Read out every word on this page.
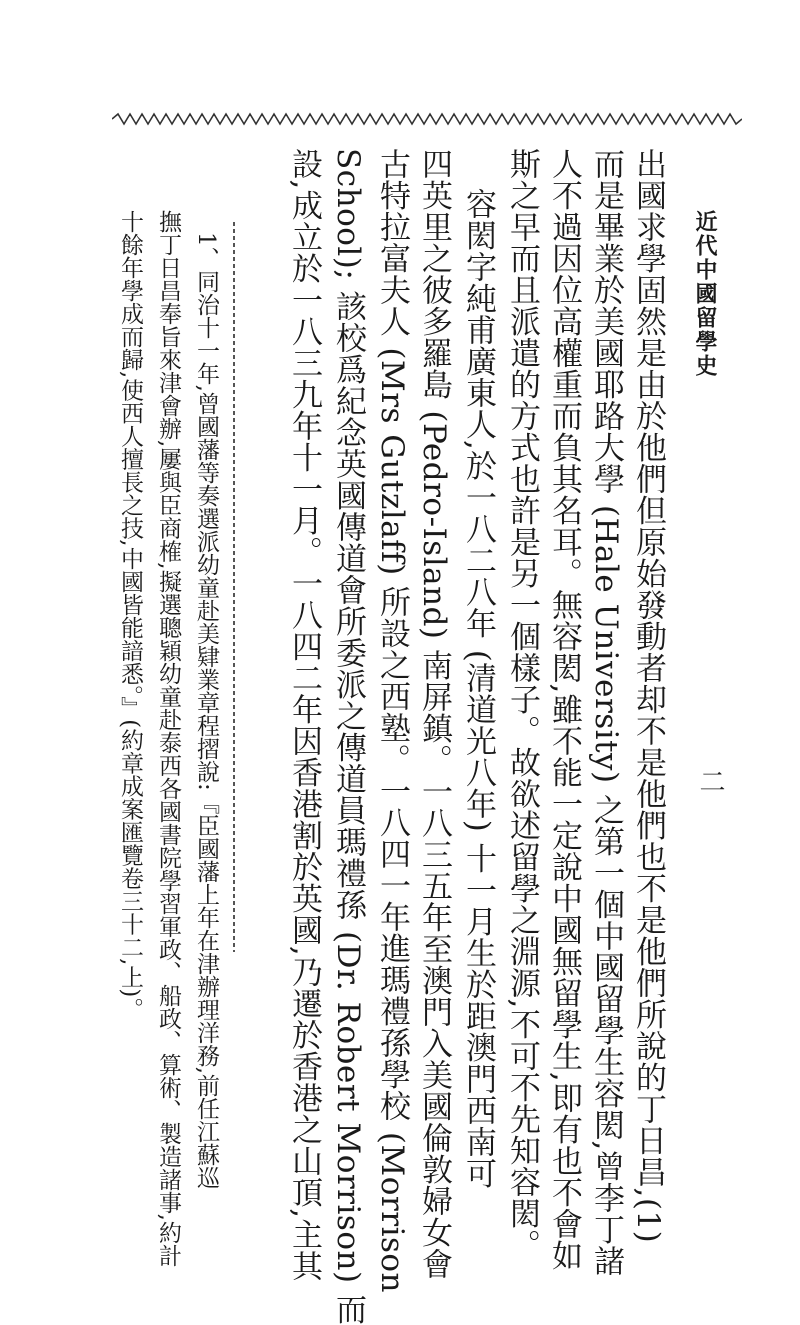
近代中國留學史
二
出國求學固然是由於他們但原始發動者却不是他們也不是他們所說的丁日昌,(1)
而是畢業於美國耶路大學 (Hale University) 之第一個中國留學生容閎,曾李丁諸
人不過因位高權重而負其名耳。無容閎,雖不能一定說中國無留學生,即有也不會如
斯之早而且派遣的方式也許是另一個樣子。故欲述留學之淵源,不可不先知容閎。
容閎字純甫廣東人,於一八二八年 (清道光八年) 十一月生於距澳門西南可
四英里之彼多羅島 (Pedro-Island) 南屏鎮。一八三五年至澳門入美國倫敦婦女會
古特拉富夫人 (Mrs Gutzlaff) 所設之西塾。一八四一年進瑪禮孫學校 (Morrison
School); 該校爲紀念英國傳道會所委派之傳道員瑪禮孫 (Dr. Robert Morrison) 而
設,成立於一八三九年十一月。一八四二年因香港割於英國,乃遷於香港之山頂,主其
1、同治十一年,曾國藩等奏選派幼童赴美肄業章程摺說:『臣國藩上年在津辦理洋務,前任江蘇巡
撫丁日昌奉旨來津會辦,屢與臣商榷,擬選聰穎幼童赴泰西各國書院學習軍政、船政、算術、製造諸事,約計
十餘年學成而歸,使西人擅長之技,中國皆能諳悉。』(約章成案匯覽卷三十二,上)。
